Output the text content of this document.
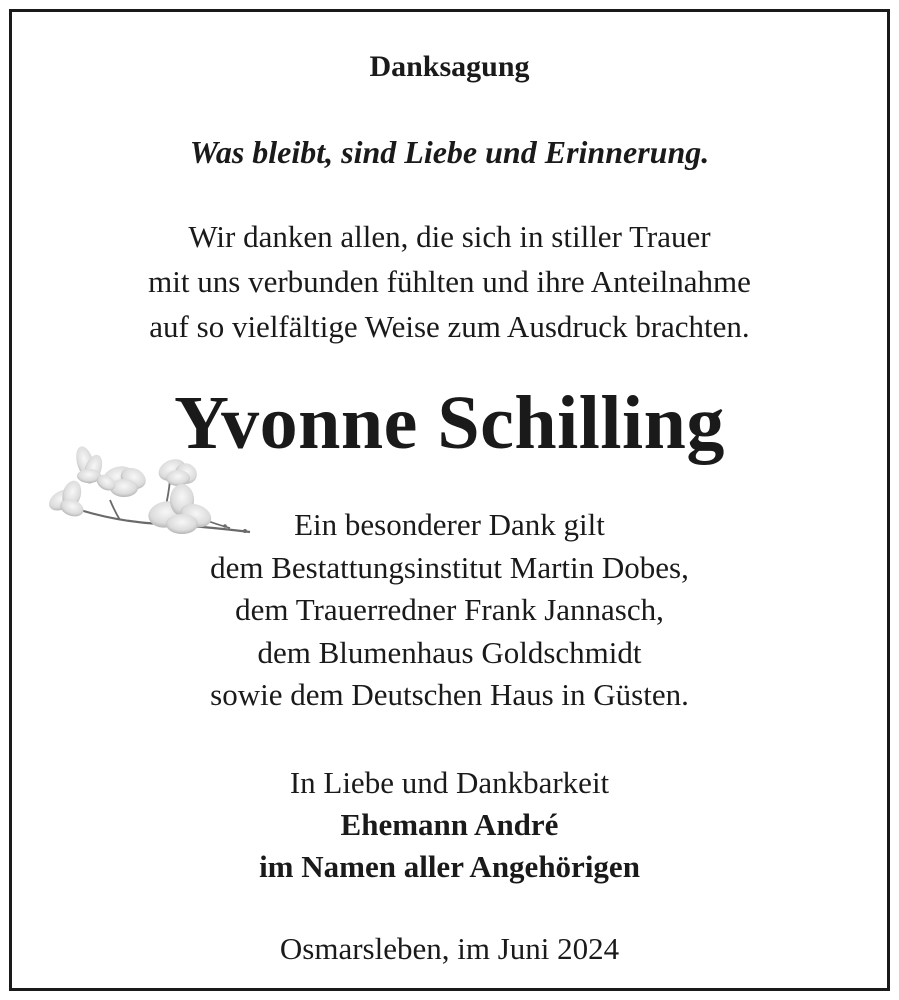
Danksagung
Was bleibt, sind Liebe und Erinnerung.
Wir danken allen, die sich in stiller Trauer
mit uns verbunden fühlten und ihre Anteilnahme
auf so vielfältige Weise zum Ausdruck brachten.
Yvonne Schilling
Ein besonderer Dank gilt
dem Bestattungsinstitut Martin Dobes,
dem Trauerredner Frank Jannasch,
dem Blumenhaus Goldschmidt
sowie dem Deutschen Haus in Güsten.
In Liebe und Dankbarkeit
Ehemann André
im Namen aller Angehörigen
Osmarsleben, im Juni 2024
